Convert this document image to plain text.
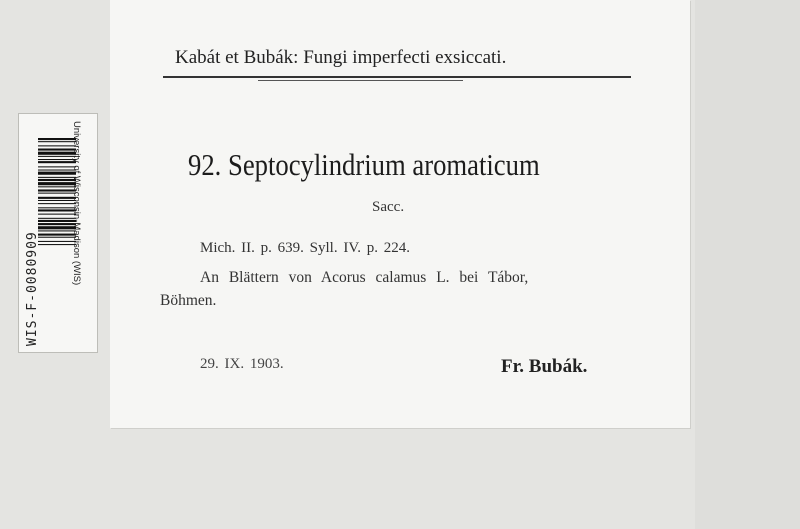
WIS-F-0080909
University of Wisconsin-Madison (WIS)
Kabát et Bubák: Fungi imperfecti exsiccati.
92. Septocylindrium aromaticum
Sacc.
Mich. II. p. 639. Syll. IV. p. 224.
An Blättern von Acorus calamus L. bei Tábor,
Böhmen.
29. IX. 1903.	Fr. Bubák.
